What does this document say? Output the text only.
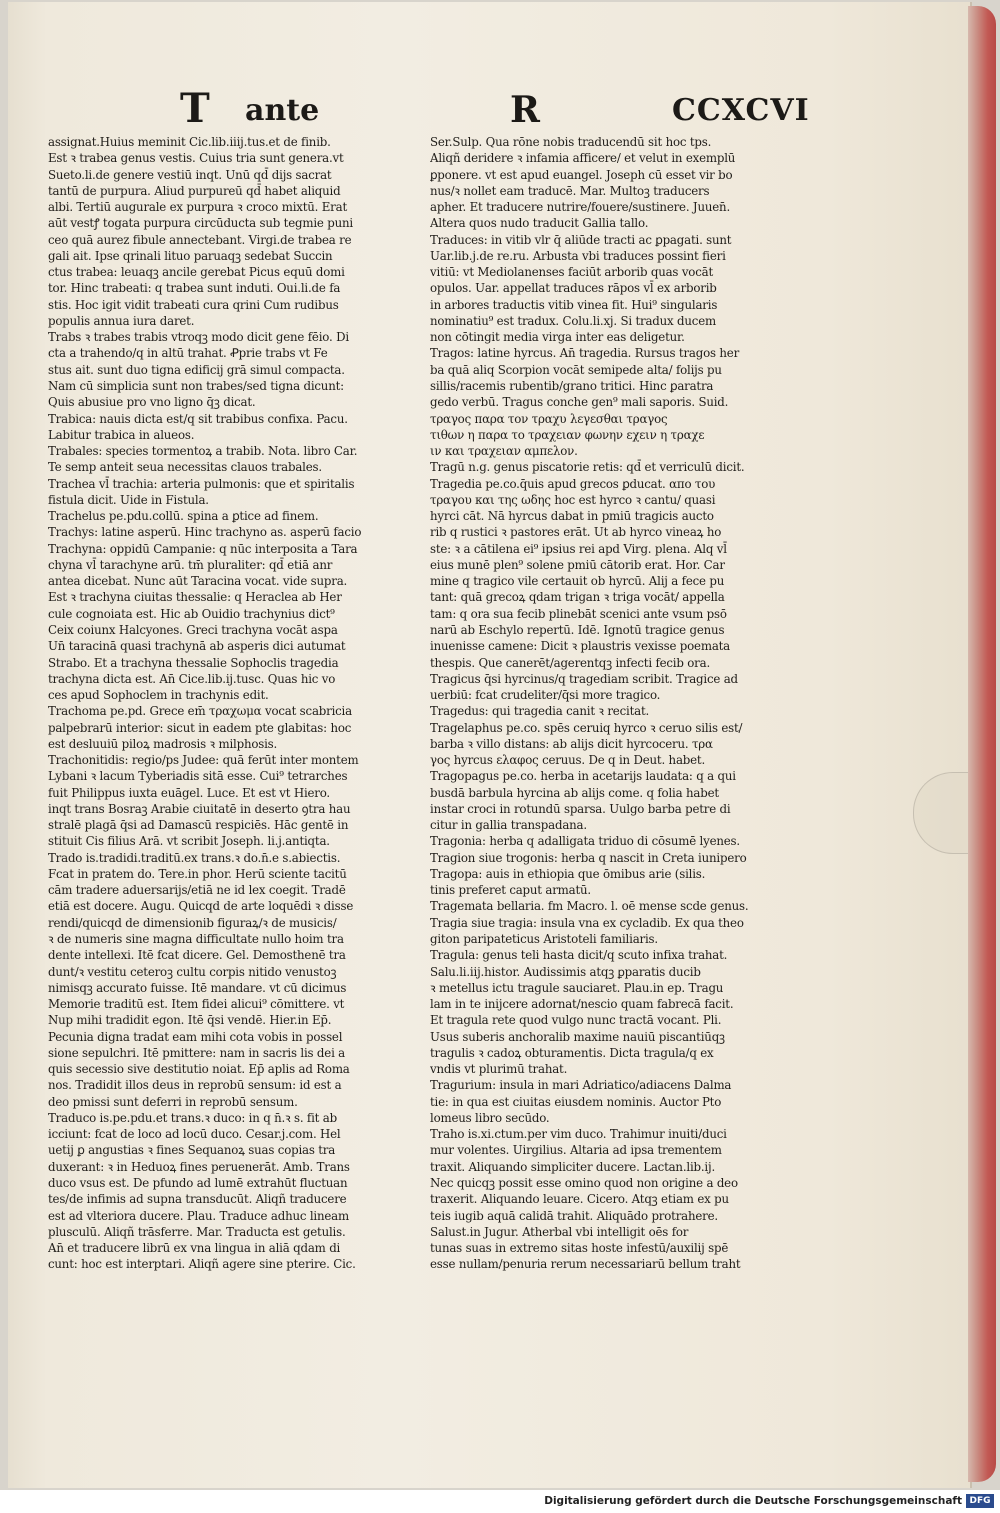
T ante	R	CCXCVI
assignat.Huius meminit Cic.lib.iiij.tus.et de finib.
Est ꝛ trabea genus vestis. Cuius tria sunt genera.vt
Sueto.li.de genere vestiū inqt. Unū qd̄ dijs sacrat
tantū de purpura. Aliud purpureū qd̄ habet aliquid
albi. Tertiū augurale ex purpura ꝛ croco mixtū. Erat
aūt vestꝭ togata purpura circūducta sub tegmie puni
ceo quā aurez fibule annectebant. Virgi.de trabea re
gali ait. Ipse qrinali lituo paruaqꝫ sedebat Succin
ctus trabea: leuaqꝫ ancile gerebat Picus equū domi
tor. Hinc trabeati: q trabea sunt induti. Oui.li.de fa
stis. Hoc igit vidit trabeati cura qrini Cum rudibus
populis annua iura daret.
Trabs ꝛ trabes trabis vtroqꝫ modo dicit gene fēio. Di
cta a trahendo/q in altū trahat. Ꝓprie trabs vt Fe
stus ait. sunt duo tigna edificij grā simul compacta.
Nam cū simplicia sunt non trabes/sed tigna dicunt:
Quis abusiue pro vno ligno q̄ꝫ dicat.
Trabica: nauis dicta est/q sit trabibus confixa. Pacu.
Labitur trabica in alueos.
Trabales: species tormentoꝝ a trabib. Nota. libro Car.
Te semp anteit seua necessitas clauos trabales.
Trachea vl̄ trachia: arteria pulmonis: que et spiritalis
fistula dicit. Uide in Fistula.
Trachelus pe.pdu.collū. spina a ꝑtice ad finem.
Trachys: latine asperū. Hinc trachyno as. asperū facio
Trachyna: oppidū Campanie: q nūc interposita a Tara
chyna vl̄ tarachyne arū. tm̄ pluraliter: qd̄ etiā anr
antea dicebat. Nunc aūt Taracina vocat. vide supra.
Est ꝛ trachyna ciuitas thessalie: q Heraclea ab Her
cule cognoiata est. Hic ab Ouidio trachynius dict⁹
Ceix coiunx Halcyones. Greci trachyna vocāt aspa
Un̄ taracinā quasi trachynā ab asperis dici autumat
Strabo. Et a trachyna thessalie Sophoclis tragedia
trachyna dicta est. An̄ Cice.lib.ij.tusc. Quas hic vo
ces apud Sophoclem in trachynis edit.
Trachoma pe.pd. Grece em̄ τραχωμα vocat scabricia
palpebrarū interior: sicut in eadem pte glabitas: hoc
est desluuiū piloꝝ madrosis ꝛ milphosis.
Trachonitidis: regio/ps Judee: quā ferūt inter montem
Lybani ꝛ lacum Tyberiadis sitā esse. Cui⁹ tetrarches
fuit Philippus iuxta euāgel. Luce. Et est vt Hiero.
inqt trans Bosraꝫ Arabie ciuitatē in deserto ꝯtra hau
stralē plagā q̄si ad Damascū respiciēs. Hāc gentē in
stituit Cis filius Arā. vt scribit Joseph. li.j.antiqta.
Trado is.tradidi.traditū.ex trans.ꝛ do.n̄.e s.abiectis.
Fcat in pratem do. Tere.in phor. Herū sciente tacitū
cām tradere aduersarijs/etiā ne id lex coegit. Tradē
etiā est docere. Augu. Quicqd de arte loquēdi ꝛ disse
rendi/quicqd de dimensionib figuraꝝ/ꝛ de musicis/
ꝛ de numeris sine magna difficultate nullo hoim tra
dente intellexi. Itē fcat dicere. Gel. Demosthenē tra
dunt/ꝛ vestitu ceteroꝫ cultu corpis nitido venustoꝫ
nimisqꝫ accurato fuisse. Itē mandare. vt cū dicimus
Memorie traditū est. Item fidei alicui⁹ cōmittere. vt
Nup mihi tradidit egon. Itē q̄si vendē. Hier.in Ep̄.
Pecunia digna tradat eam mihi cota vobis in possel
sione sepulchri. Itē pmittere: nam in sacris lis dei a
quis secessio sive destitutio noiat. Ep̄ aplis ad Roma
nos. Tradidit illos deus in reprobū sensum: id est a
deo pmissi sunt deferri in reprobū sensum.
Traduco is.pe.pdu.et trans.ꝛ duco: in q n̄.ꝛ s. fit ab
icciunt: fcat de loco ad locū duco. Cesar.j.com. Hel
uetij ꝑ angustias ꝛ fines Sequanoꝝ suas copias tra
duxerant: ꝛ in Heduoꝝ fines peruenerāt. Amb. Trans
duco vsus est. De pfundo ad lumē extrahūt fluctuan
tes/de infimis ad supna transducūt. Aliqñ traducere
est ad vlteriora ducere. Plau. Traduce adhuc lineam
plusculū. Aliqñ trāsferre. Mar. Traducta est getulis.
An̄ et traducere librū ex vna lingua in aliā qdam di
cunt: hoc est interptari. Aliqñ agere sine pterire. Cic.
Ser.Sulp. Qua rōne nobis traducendū sit hoc tps.
Aliqñ deridere ꝛ infamia afficere/ et velut in exemplū
ꝑponere. vt est apud euangel. Joseph cū esset vir bo
nus/ꝛ nollet eam traducē. Mar. Multoꝫ traducers
apher. Et traducere nutrire/fouere/sustinere. Juuen̄.
Altera quos nudo traducit Gallia tallo.
Traduces: in vitib vlr q̄ aliūde tracti ac ꝑpagati. sunt
Uar.lib.j.de re.ru. Arbusta vbi traduces possint fieri
vitiū: vt Mediolanenses faciūt arborib quas vocāt
opulos. Uar. appellat traduces rāpos vl̄ ex arborib
in arbores traductis vitib vinea fit. Hui⁹ singularis
nominatiu⁹ est tradux. Colu.li.xj. Si tradux ducem
non cōtingit media virga inter eas deligetur.
Tragos: latine hyrcus. An̄ tragedia. Rursus tragos her
ba quā aliq Scorpion vocāt semipede alta/ folijs pu
sillis/racemis rubentib/grano tritici. Hinc ꝑaratra
gedo verbū. Tragus conche gen⁹ mali saporis. Suid.
τραγος παρα τον τραχυ λεγεσθαι τραγος
τιθων η παρα το τραχειαν φωνην εχειν η τραχε
ιν και τραχειαν αμπελον.
Tragū n.g. genus piscatorie retis: qd̄ et verriculū dicit.
Tragedia pe.co.q̄uis apud grecos ꝑducat. απο του
τραγου και της ωδης hoc est hyrco ꝛ cantu/ quasi
hyrci cāt. Nā hyrcus dabat in pmiū tragicis aucto
rib q rustici ꝛ pastores erāt. Ut ab hyrco vineaꝝ ho
ste: ꝛ a cātilena ei⁹ ipsius rei apd Virg. plena. Alq vl̄
eius munē plen⁹ solene pmiū cātorib erat. Hor. Car
mine q tragico vile certauit ob hyrcū. Alij a fece pu
tant: quā grecoꝝ qdam trigan ꝛ triga vocāt/ appella
tam: q ora sua fecib plinebāt scenici ante vsum psō
narū ab Eschylo repertū. Idē. Ignotū tragice genus
inuenisse camene: Dicit ꝛ plaustris vexisse poemata
thespis. Que canerēt/agerentqꝫ infecti fecib ora.
Tragicus q̄si hyrcinus/q tragediam scribit. Tragice ad
uerbiū: fcat crudeliter/q̄si more tragico.
Tragedus: qui tragedia canit ꝛ recitat.
Tragelaphus pe.co. spēs ceruiq hyrco ꝛ ceruo silis est/
barba ꝛ villo distans: ab alijs dicit hyrcoceru. τρα
γος hyrcus ελαφος ceruus. De q in Deut. habet.
Tragopagus pe.co. herba in acetarijs laudata: q a qui
busdā barbula hyrcina ab alijs come. q folia habet
instar croci in rotundū sparsa. Uulgo barba petre di
citur in gallia transpadana.
Tragonia: herba q adalligata triduo di cōsumē lyenes.
Tragion siue trogonis: herba q nascit in Creta iunipero
Tragopa: auis in ethiopia que ōmibus arie (silis.
tinis preferet caput armatū.
Tragemata bellaria. fm Macro. l. oē mense scde genus.
Tragia siue tragia: insula vna ex cycladib. Ex qua theo
giton paripateticus Aristoteli familiaris.
Tragula: genus teli hasta dicit/q scuto infixa trahat.
Salu.li.iij.histor. Audissimis atqꝫ ꝑparatis ducib
ꝛ metellus ictu tragule sauciaret. Plau.in ep. Tragu
lam in te inijcere adornat/nescio quam fabrecā facit.
Et tragula rete quod vulgo nunc tractā vocant. Pli.
Usus suberis anchoralib maxime nauiū piscantiūqꝫ
tragulis ꝛ cadoꝝ obturamentis. Dicta tragula/q ex
vndis vt plurimū trahat.
Tragurium: insula in mari Adriatico/adiacens Dalma
tie: in qua est ciuitas eiusdem nominis. Auctor Pto
lomeus libro secūdo.
Traho is.xi.ctum.per vim duco. Trahimur inuiti/duci
mur volentes. Uirgilius. Altaria ad ipsa trementem
traxit. Aliquando simpliciter ducere. Lactan.lib.ij.
Nec quicqꝫ possit esse omino quod non origine a deo
traxerit. Aliquando leuare. Cicero. Atqꝫ etiam ex pu
teis iugib aquā calidā trahit. Aliquādo protrahere.
Salust.in Jugur. Atherbal vbi intelligit oēs for
tunas suas in extremo sitas hoste infestū/auxilij spē
esse nullam/penuria rerum necessariarū bellum traht
Digitalisierung gefördert durch die Deutsche Forschungsgemeinschaft DFG
